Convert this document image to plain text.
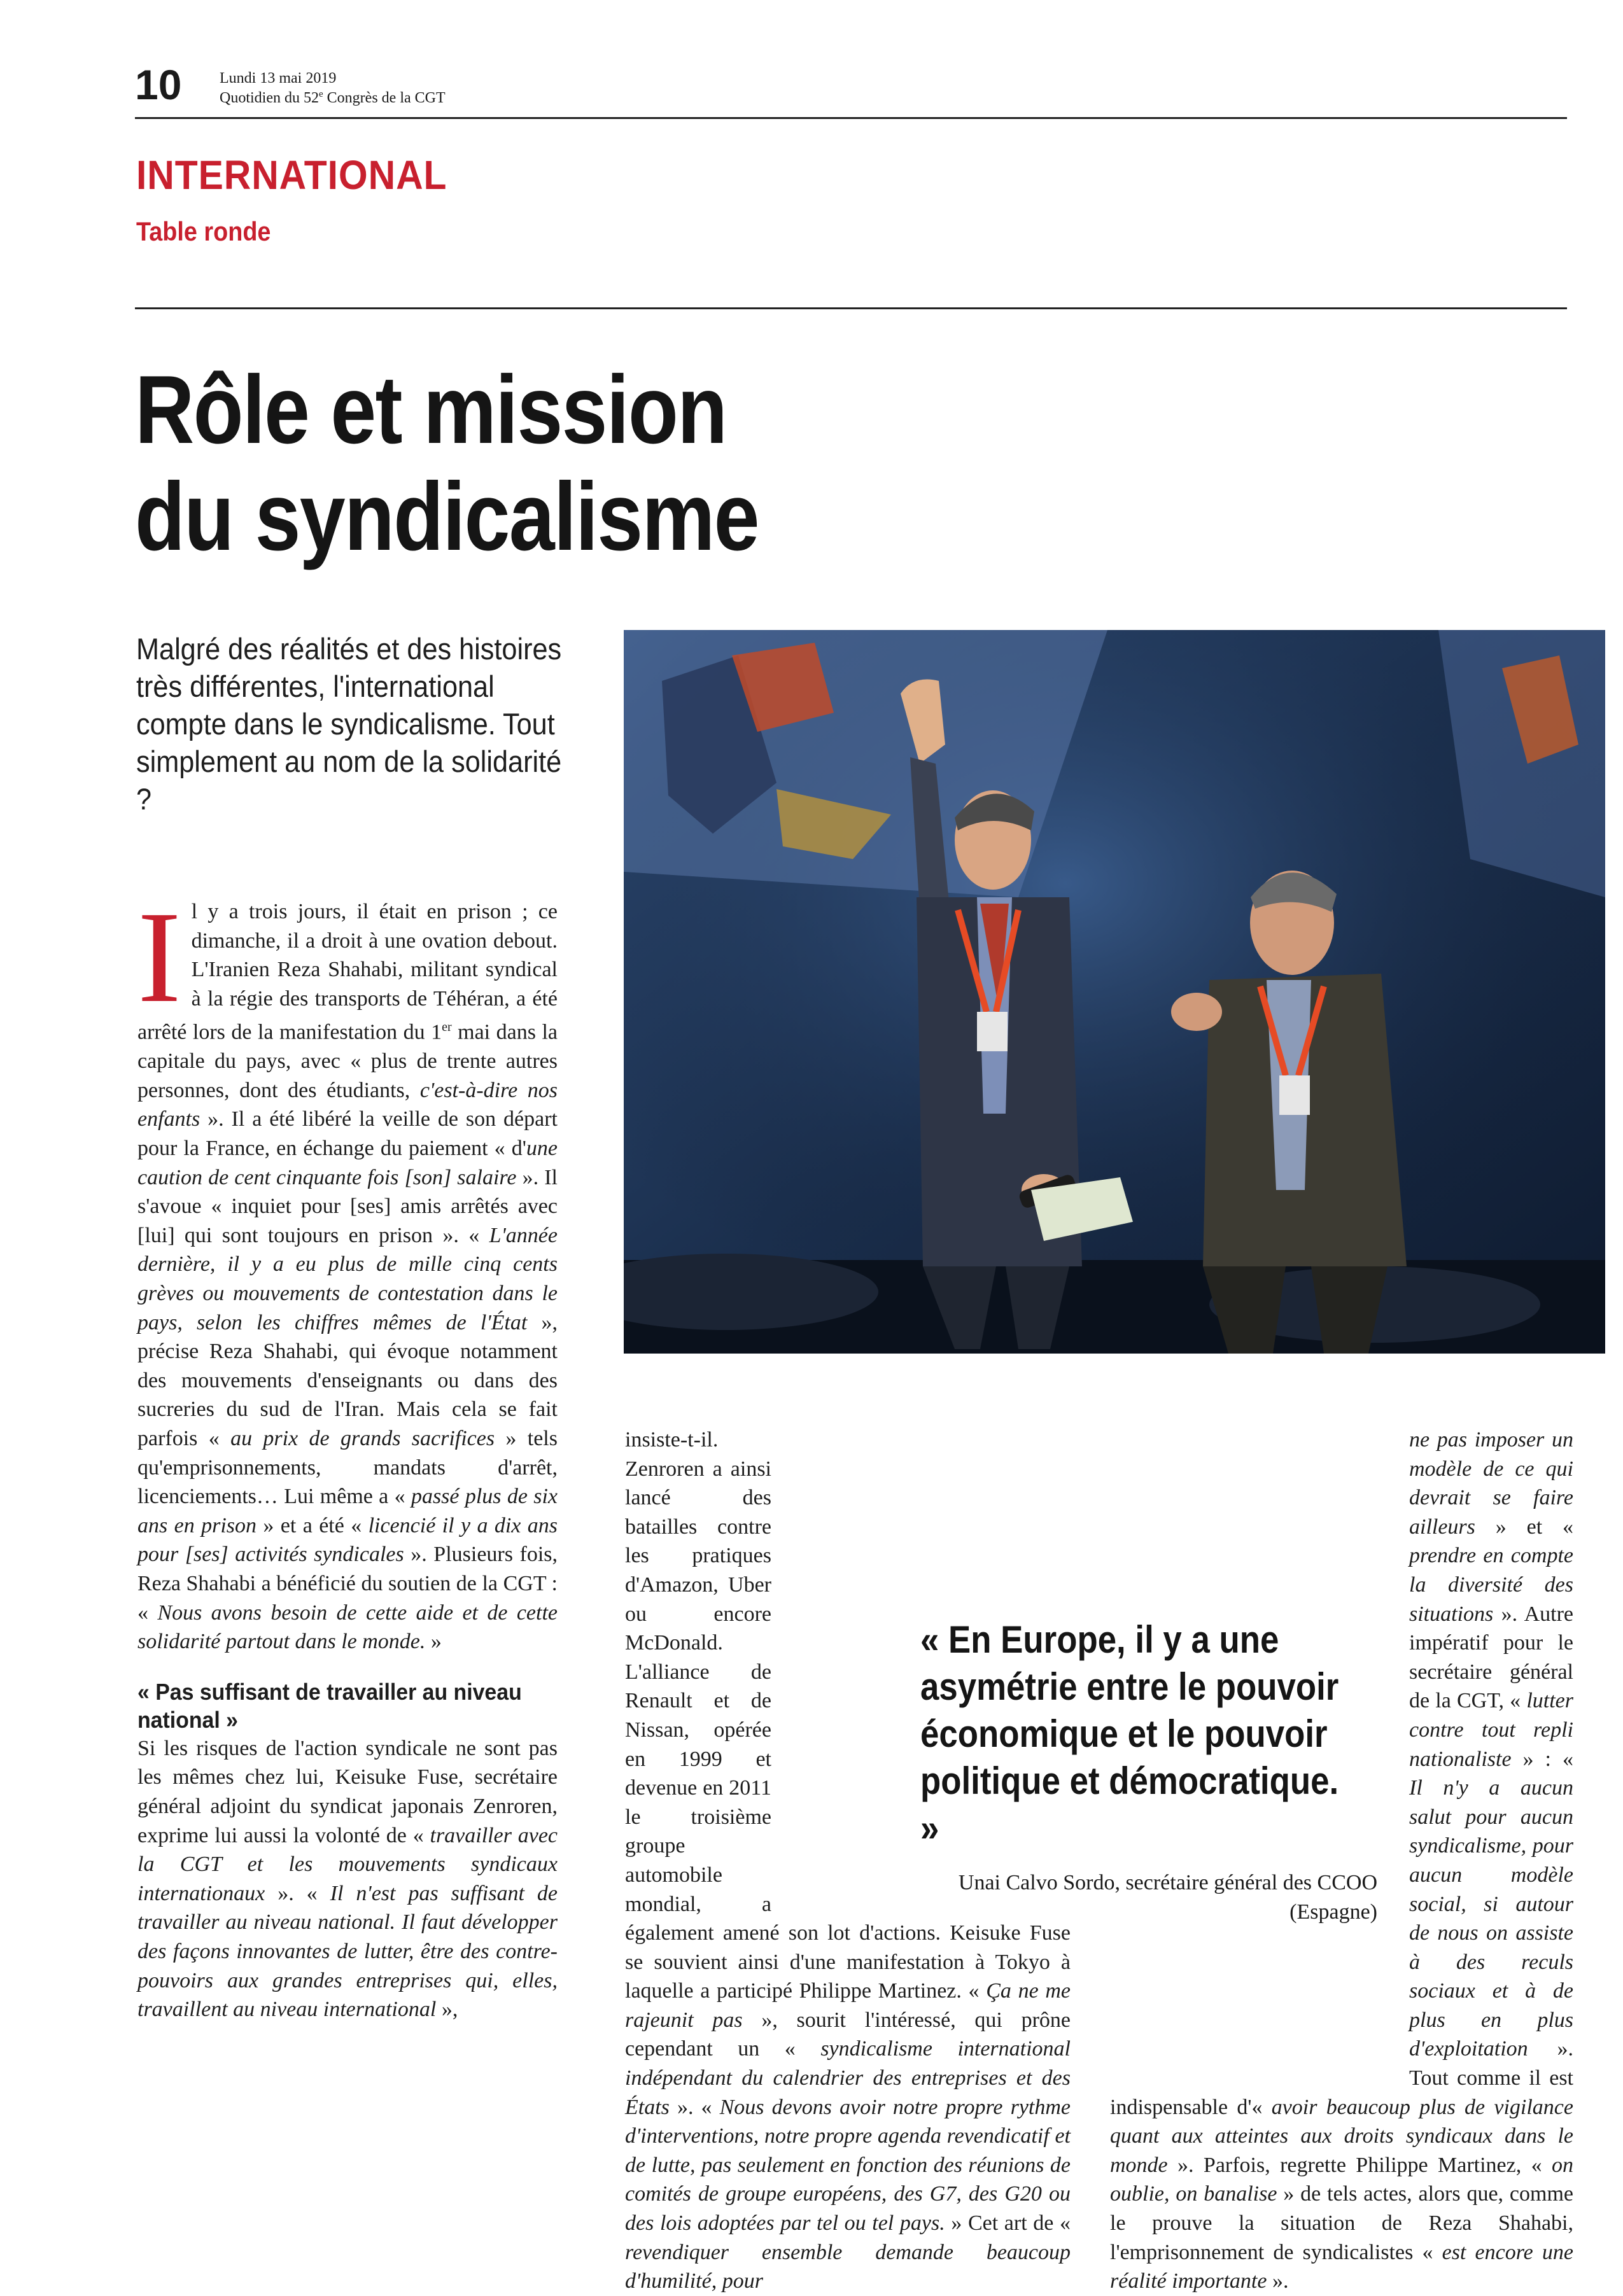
10 Lundi 13 mai 2019
Quotidien du 52e Congrès de la CGT
INTERNATIONAL
Table ronde
Rôle et mission
du syndicalisme
Malgré des réalités et des histoires très différentes, l'international compte dans le syndicalisme. Tout simplement au nom de la solidarité ?

Il y a trois jours, il était en prison ; ce dimanche, il a droit à une ovation debout. L'Iranien Reza Shahabi, militant syndical à la régie des transports de Téhéran, a été arrêté lors de la manifestation du 1er mai dans la capitale du pays, avec « plus de trente autres personnes, dont des étudiants, c'est-à-dire nos enfants ». Il a été libéré la veille de son départ pour la France, en échange du paiement « d'une caution de cent cinquante fois [son] salaire ». Il s'avoue « inquiet pour [ses] amis arrêtés avec [lui] qui sont toujours en prison ». « L'année dernière, il y a eu plus de mille cinq cents grèves ou mouvements de contestation dans le pays, selon les chiffres mêmes de l'État », précise Reza Shahabi, qui évoque notamment des mouvements d'enseignants ou dans des sucreries du sud de l'Iran. Mais cela se fait parfois « au prix de grands sacrifices » tels qu'emprisonnements, mandats d'arrêt, licenciements… Lui même a « passé plus de six ans en prison » et a été « licencié il y a dix ans pour [ses] activités syndicales ». Plusieurs fois, Reza Shahabi a bénéficié du soutien de la CGT : « Nous avons besoin de cette aide et de cette solidarité partout dans le monde. »

« Pas suffisant de travailler au niveau national »

Si les risques de l'action syndicale ne sont pas les mêmes chez lui, Keisuke Fuse, secrétaire général adjoint du syndicat japonais Zenroren, exprime lui aussi la volonté de « travailler avec la CGT et les mouvements syndicaux internationaux ». « Il n'est pas suffisant de travailler au niveau national. Il faut développer des façons innovantes de lutter, être des contre-pouvoirs aux grandes entreprises qui, elles, travaillent au niveau international »,

insiste-t-il. Zenroren a ainsi lancé des batailles contre les pratiques d'Amazon, Uber ou encore McDonald. L'alliance de Renault et de Nissan, opérée en 1999 et devenue en 2011 le troisième groupe automobile mondial, a également amené son lot d'actions. Keisuke Fuse se souvient ainsi d'une manifestation à Tokyo à laquelle a participé Philippe Martinez. « Ça ne me rajeunit pas », sourit l'intéressé, qui prône cependant un « syndicalisme international indépendant du calendrier des entreprises et des États ». « Nous devons avoir notre propre rythme d'interventions, notre propre agenda revendicatif et de lutte, pas seulement en fonction des réunions de comités de groupe européens, des G7, des G20 ou des lois adoptées par tel ou tel pays. » Cet art de « revendiquer ensemble demande beaucoup d'humilité, pour

ne pas imposer un modèle de ce qui devrait se faire ailleurs » et « prendre en compte la diversité des situations ». Autre impératif pour le secrétaire général de la CGT, « lutter contre tout repli nationaliste » : « Il n'y a aucun salut pour aucun syndicalisme, pour aucun modèle social, si autour de nous on assiste à des reculs sociaux et à de plus en plus d'exploitation ». Tout comme il est indispensable d'« avoir beaucoup plus de vigilance quant aux atteintes aux droits syndicaux dans le monde ». Parfois, regrette Philippe Martinez, « on oublie, on banalise » de tels actes, alors que, comme le prouve la situation de Reza Shahabi, l'emprisonnement de syndicalistes « est encore une réalité importante ».

« En Europe, il y a une asymétrie entre le pouvoir économique et le pouvoir politique et démocratique. »
Unai Calvo Sordo, secrétaire général des CCOO (Espagne)
